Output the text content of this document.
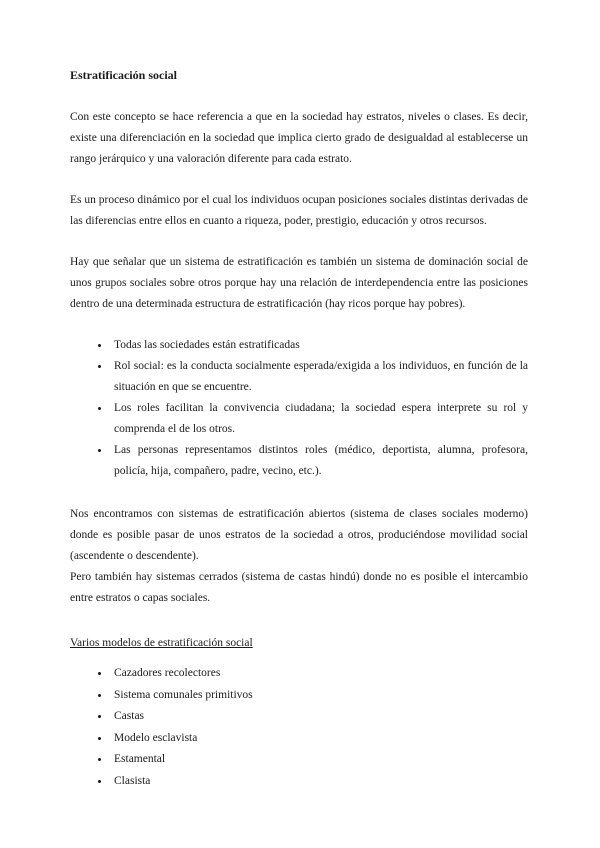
Estratificación social

Con este concepto se hace referencia a que en la sociedad hay estratos, niveles o clases. Es decir, existe una diferenciación en la sociedad que implica cierto grado de desigualdad al establecerse un rango jerárquico y una valoración diferente para cada estrato.

Es un proceso dinámico por el cual los individuos ocupan posiciones sociales distintas derivadas de las diferencias entre ellos en cuanto a riqueza, poder, prestigio, educación y otros recursos.

Hay que señalar que un sistema de estratificación es también un sistema de dominación social de unos grupos sociales sobre otros porque hay una relación de interdependencia entre las posiciones dentro de una determinada estructura de estratificación (hay ricos porque hay pobres).

• Todas las sociedades están estratificadas
• Rol social: es la conducta socialmente esperada/exigida a los individuos, en función de la situación en que se encuentre.
• Los roles facilitan la convivencia ciudadana; la sociedad espera interprete su rol y comprenda el de los otros.
• Las personas representamos distintos roles (médico, deportista, alumna, profesora, policía, hija, compañero, padre, vecino, etc.).

Nos encontramos con sistemas de estratificación abiertos (sistema de clases sociales moderno) donde es posible pasar de unos estratos de la sociedad a otros, produciéndose movilidad social (ascendente o descendente).

Pero también hay sistemas cerrados (sistema de castas hindú) donde no es posible el intercambio entre estratos o capas sociales.

Varios modelos de estratificación social
• Cazadores recolectores
• Sistema comunales primitivos
• Castas
• Modelo esclavista
• Estamental
• Clasista
